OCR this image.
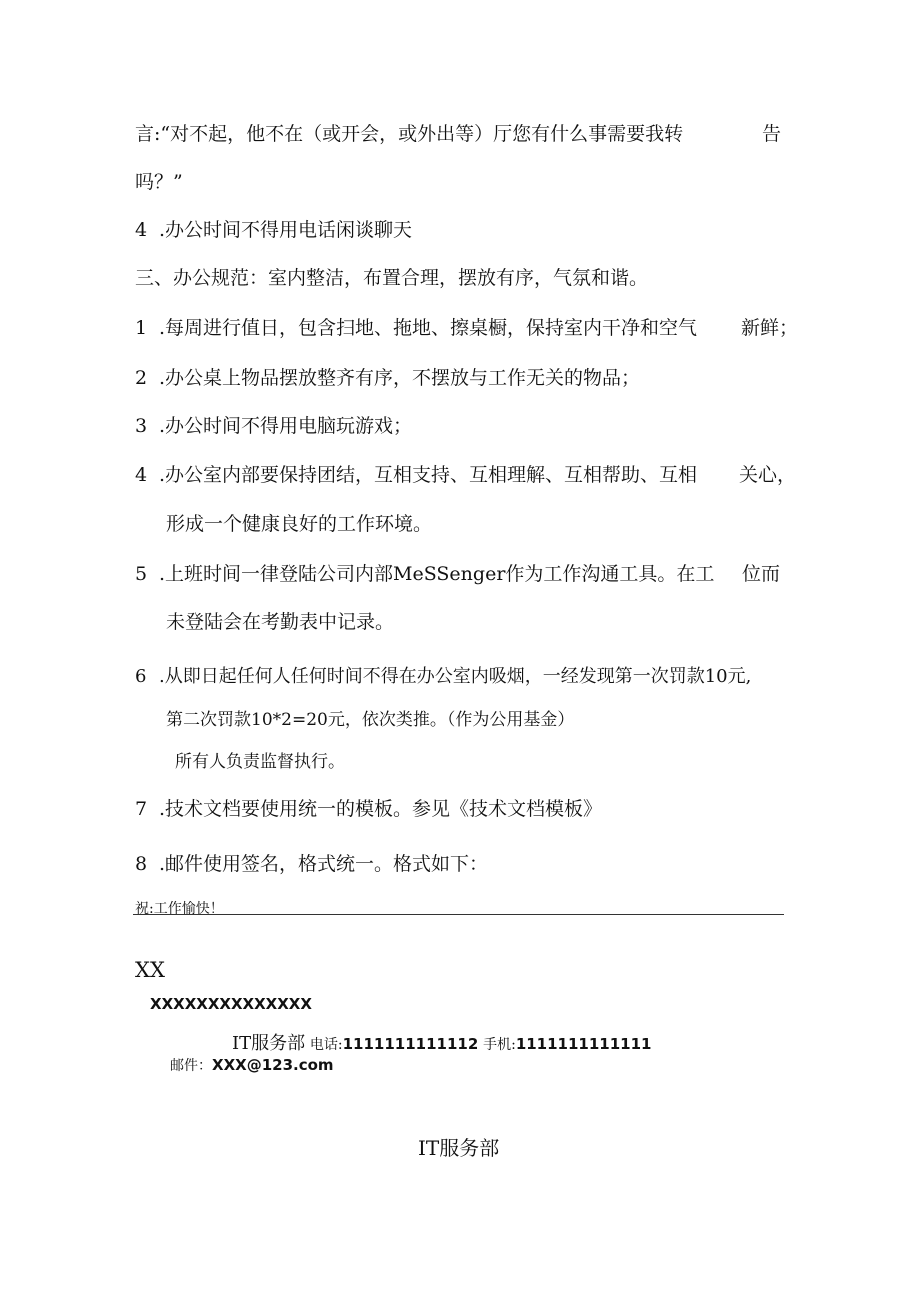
言:“对不起，他不在（或开会，或外出等）厅您有什么事需要我转	告
吗？”
4 .办公时间不得用电话闲谈聊天
三、办公规范：室内整洁，布置合理，摆放有序，气氛和谐。
1 .每周进行值日，包含扫地、拖地、擦桌橱，保持室内干净和空气 新鲜；
2 .办公桌上物品摆放整齐有序，不摆放与工作无关的物品；
3 .办公时间不得用电脑玩游戏；
4 .办公室内部要保持团结，互相支持、互相理解、互相帮助、互相 关心，
形成一个健康良好的工作环境。
5 .上班时间一律登陆公司内部MeSSenger作为工作沟通工具。在工 位而
未登陆会在考勤表中记录。
6 .从即日起任何人任何时间不得在办公室内吸烟，一经发现第一次罚款10元,
第二次罚款10*2=20元，依次类推。（作为公用基金）
所有人负责监督执行。
7 .技术文档要使用统一的模板。参见《技术文档模板》
8 .邮件使用签名，格式统一。格式如下：
祝:工作愉快！
XX
XXXXXXXXXXXXXX
IT服务部 电话:1111111111112 手机:1111111111111
邮件：XXX@123.com
IT服务部
